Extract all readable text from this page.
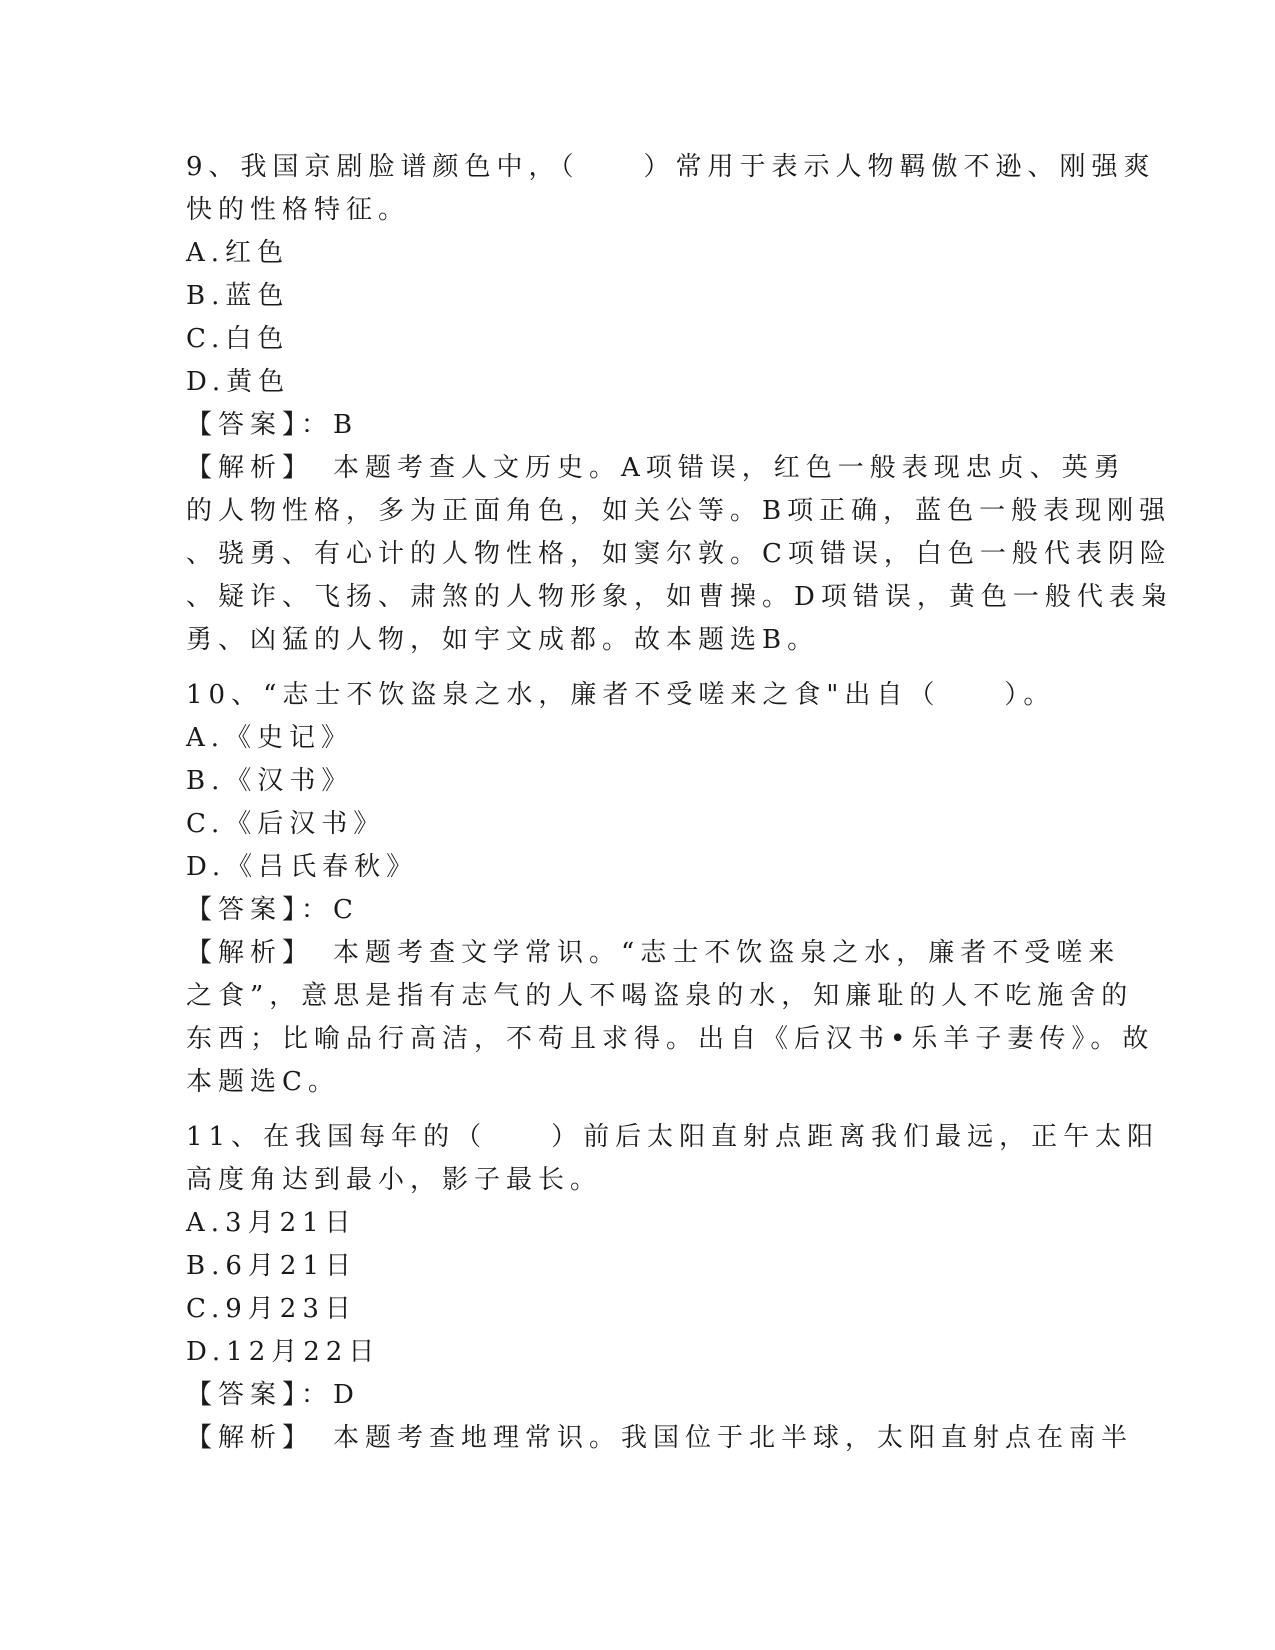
9、我国京剧脸谱颜色中，（　　）常用于表示人物羁傲不逊、刚强爽
快的性格特征。
A.红色
B.蓝色
C.白色
D.黄色
【答案】：B
【解析】　本题考查人文历史。A项错误，红色一般表现忠贞、英勇
的人物性格，多为正面角色，如关公等。B项正确，蓝色一般表现刚强
、骁勇、有心计的人物性格，如窦尔敦。C项错误，白色一般代表阴险
、疑诈、飞扬、肃煞的人物形象，如曹操。D项错误，黄色一般代表枭
勇、凶猛的人物，如宇文成都。故本题选B。
10、“志士不饮盗泉之水，廉者不受嗟来之食"出自（　　）。
A.《史记》
B.《汉书》
C.《后汉书》
D.《吕氏春秋》
【答案】：C
【解析】　本题考查文学常识。“志士不饮盗泉之水，廉者不受嗟来
之食”，意思是指有志气的人不喝盗泉的水，知廉耻的人不吃施舍的
东西；比喻品行高洁，不苟且求得。出自《后汉书•乐羊子妻传》。故
本题选C。
11、在我国每年的（　　）前后太阳直射点距离我们最远，正午太阳
高度角达到最小，影子最长。
A.3月21日
B.6月21日
C.9月23日
D.12月22日
【答案】：D
【解析】　本题考查地理常识。我国位于北半球，太阳直射点在南半
